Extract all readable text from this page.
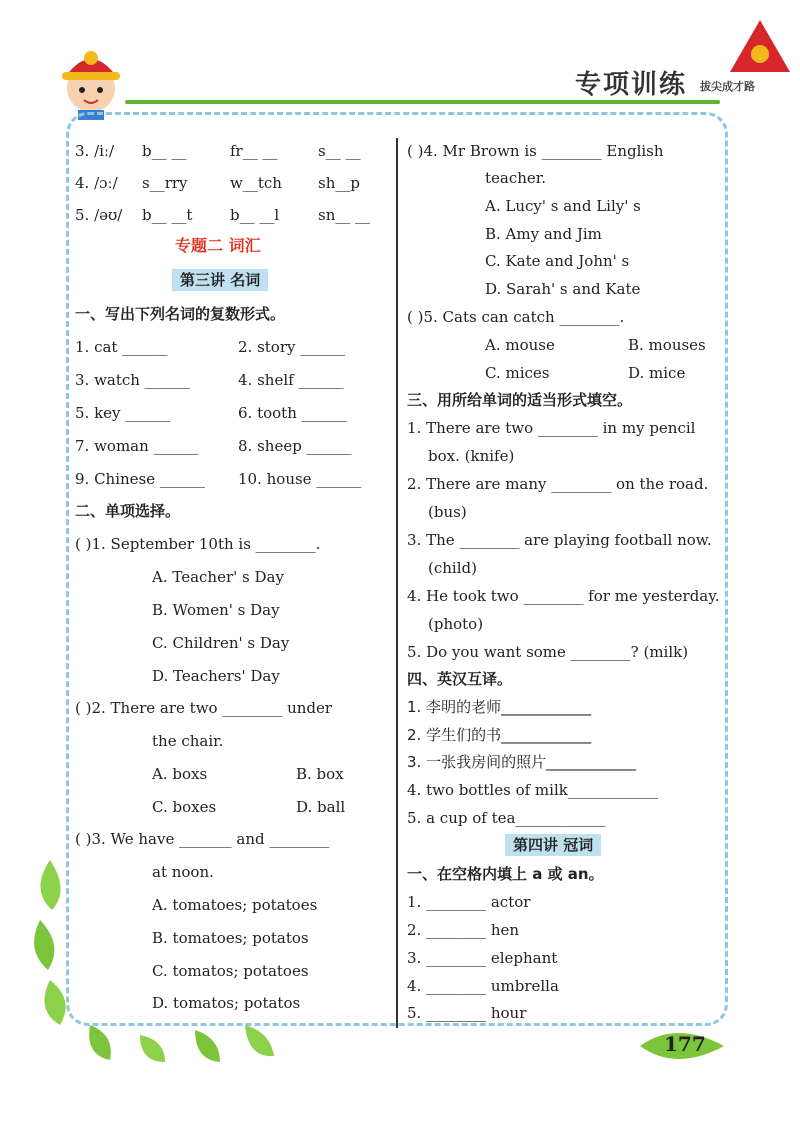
专项训练 拔尖成才路
177
3. /iː/ b__ __	fr__ __	s__ __
4. /ɔː/ s__rry	w__tch sh__p
5. /əʊ/ b__ __t	b__ __l	sn__ __
专题二 词汇
第三讲 名词
一、写出下列名词的复数形式。
1. cat ______	2. story ______
3. watch ______	4. shelf ______
5. key ______	6. tooth ______
7. woman ______	8. sheep ______
9. Chinese ______ 10. house ______
二、单项选择。
( )1. September 10th is ________.
A. Teacher' s Day
B. Women' s Day
C. Children' s Day
D. Teachers' Day
( )2. There are two ________ under
the chair.
A. boxs	B. box
C. boxes	D. ball
( )3. We have _______ and ________
at noon.
A. tomatoes; potatoes
B. tomatoes; potatos
C. tomatos; potatoes
D. tomatos; potatos
( )4. Mr Brown is ________ English
teacher.
A. Lucy' s and Lily' s
B. Amy and Jim
C. Kate and John' s
D. Sarah' s and Kate
( )5. Cats can catch ________.
A. mouse	B. mouses
C. mices	D. mice
三、用所给单词的适当形式填空。
1. There are two ________ in my pencil
box. (knife)
2. There are many ________ on the road.
(bus)
3. The ________ are playing football now.
(child)
4. He took two ________ for me yesterday.
(photo)
5. Do you want some ________? (milk)
四、英汉互译。
1. 李明的老师____________
2. 学生们的书____________
3. 一张我房间的照片____________
4. two bottles of milk____________
5. a cup of tea____________
第四讲 冠词
一、在空格内填上 a 或 an。
1. ________ actor
2. ________ hen
3. ________ elephant
4. ________ umbrella
5. ________ hour
